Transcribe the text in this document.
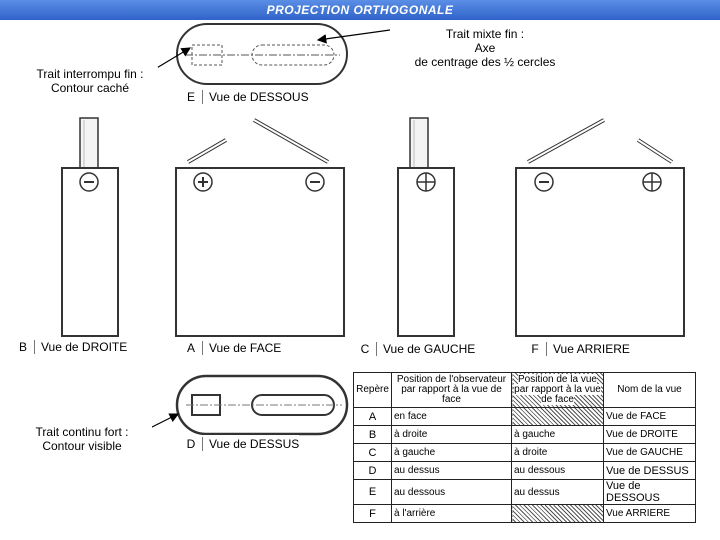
PROJECTION ORTHOGONALE
Trait interrompu fin :
Contour caché
Trait mixte fin :
Axe
de centrage des ½ cercles
Trait continu fort :
Contour visible
E	Vue de DESSOUS
B	Vue de DROITE	A	Vue de FACE	C	Vue de GAUCHE	F	Vue ARRIERE
D	Vue de DESSUS
Repère	Position de l'observateur par rapport à la vue de face	Position de la vue par rapport à la vue de face	Nom de la vue
A	en face		Vue de FACE
B	à droite	à gauche	Vue de DROITE
C	à gauche	à droite	Vue de GAUCHE
D	au dessus	au dessous	Vue de DESSUS
E	au dessous	au dessus	Vue de DESSOUS
F	à l'arrière		Vue ARRIERE
